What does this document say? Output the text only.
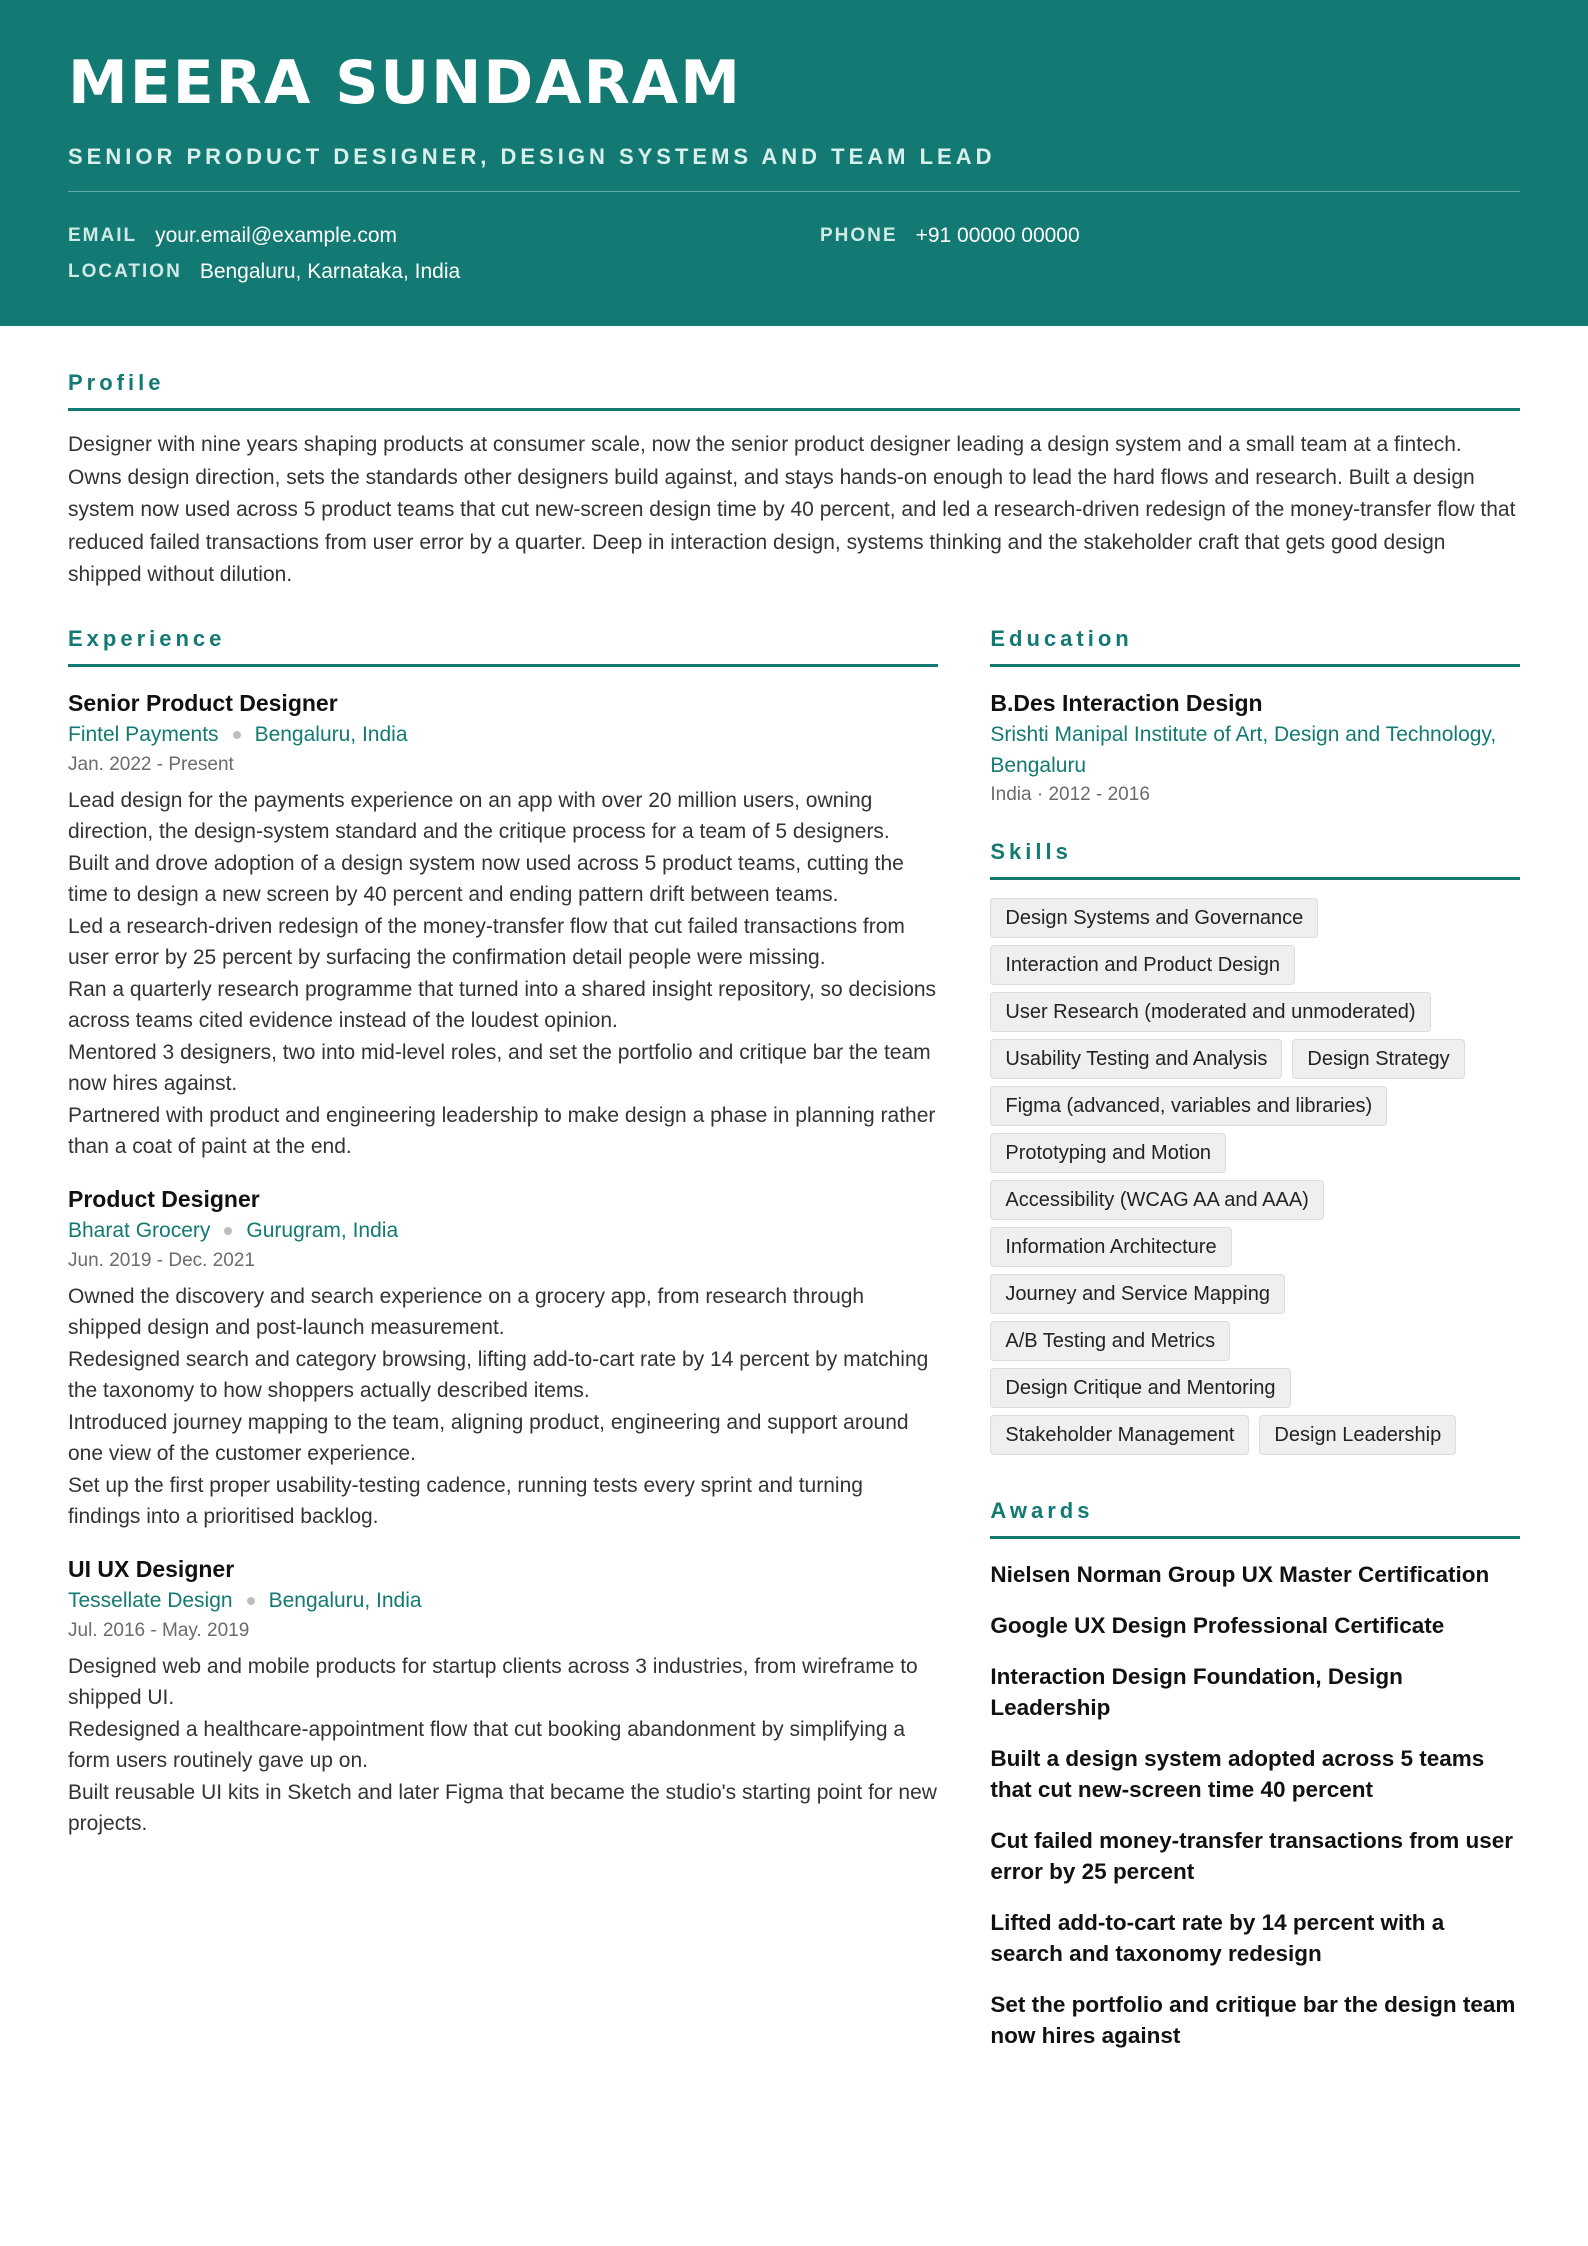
MEERA SUNDARAM
SENIOR PRODUCT DESIGNER, DESIGN SYSTEMS AND TEAM LEAD
EMAIL your.email@example.com	PHONE +91 00000 00000
LOCATION Bengaluru, Karnataka, India
Profile

Designer with nine years shaping products at consumer scale, now the senior product designer leading a design system and a small team at a fintech. Owns design direction, sets the standards other designers build against, and stays hands-on enough to lead the hard flows and research. Built a design system now used across 5 product teams that cut new-screen design time by 40 percent, and led a research-driven redesign of the money-transfer flow that reduced failed transactions from user error by a quarter. Deep in interaction design, systems thinking and the stakeholder craft that gets good design shipped without dilution.

Experience
Senior Product Designer
Fintel Payments Bengaluru, India
Jan. 2022 - Present
Lead design for the payments experience on an app with over 20 million users, owning direction, the design-system standard and the critique process for a team of 5 designers.
Built and drove adoption of a design system now used across 5 product teams, cutting the time to design a new screen by 40 percent and ending pattern drift between teams.
Led a research-driven redesign of the money-transfer flow that cut failed transactions from user error by 25 percent by surfacing the confirmation detail people were missing.
Ran a quarterly research programme that turned into a shared insight repository, so decisions across teams cited evidence instead of the loudest opinion.
Mentored 3 designers, two into mid-level roles, and set the portfolio and critique bar the team now hires against.
Partnered with product and engineering leadership to make design a phase in planning rather than a coat of paint at the end.
Product Designer
Bharat Grocery Gurugram, India
Jun. 2019 - Dec. 2021
Owned the discovery and search experience on a grocery app, from research through shipped design and post-launch measurement.
Redesigned search and category browsing, lifting add-to-cart rate by 14 percent by matching the taxonomy to how shoppers actually described items.
Introduced journey mapping to the team, aligning product, engineering and support around one view of the customer experience.
Set up the first proper usability-testing cadence, running tests every sprint and turning findings into a prioritised backlog.
UI UX Designer
Tessellate Design Bengaluru, India
Jul. 2016 - May. 2019
Designed web and mobile products for startup clients across 3 industries, from wireframe to shipped UI.
Redesigned a healthcare-appointment flow that cut booking abandonment by simplifying a form users routinely gave up on.
Built reusable UI kits in Sketch and later Figma that became the studio's starting point for new projects.
Education
B.Des Interaction Design
Srishti Manipal Institute of Art, Design and Technology, Bengaluru
India · 2012 - 2016
Skills
Design Systems and Governance
Interaction and Product Design
User Research (moderated and unmoderated)
Usability Testing and Analysis	Design Strategy
Figma (advanced, variables and libraries)
Prototyping and Motion
Accessibility (WCAG AA and AAA)
Information Architecture
Journey and Service Mapping
A/B Testing and Metrics
Design Critique and Mentoring
Stakeholder Management	Design Leadership
Awards
Nielsen Norman Group UX Master Certification
Google UX Design Professional Certificate
Interaction Design Foundation, Design Leadership
Built a design system adopted across 5 teams that cut new-screen time 40 percent
Cut failed money-transfer transactions from user error by 25 percent
Lifted add-to-cart rate by 14 percent with a search and taxonomy redesign
Set the portfolio and critique bar the design team now hires against
